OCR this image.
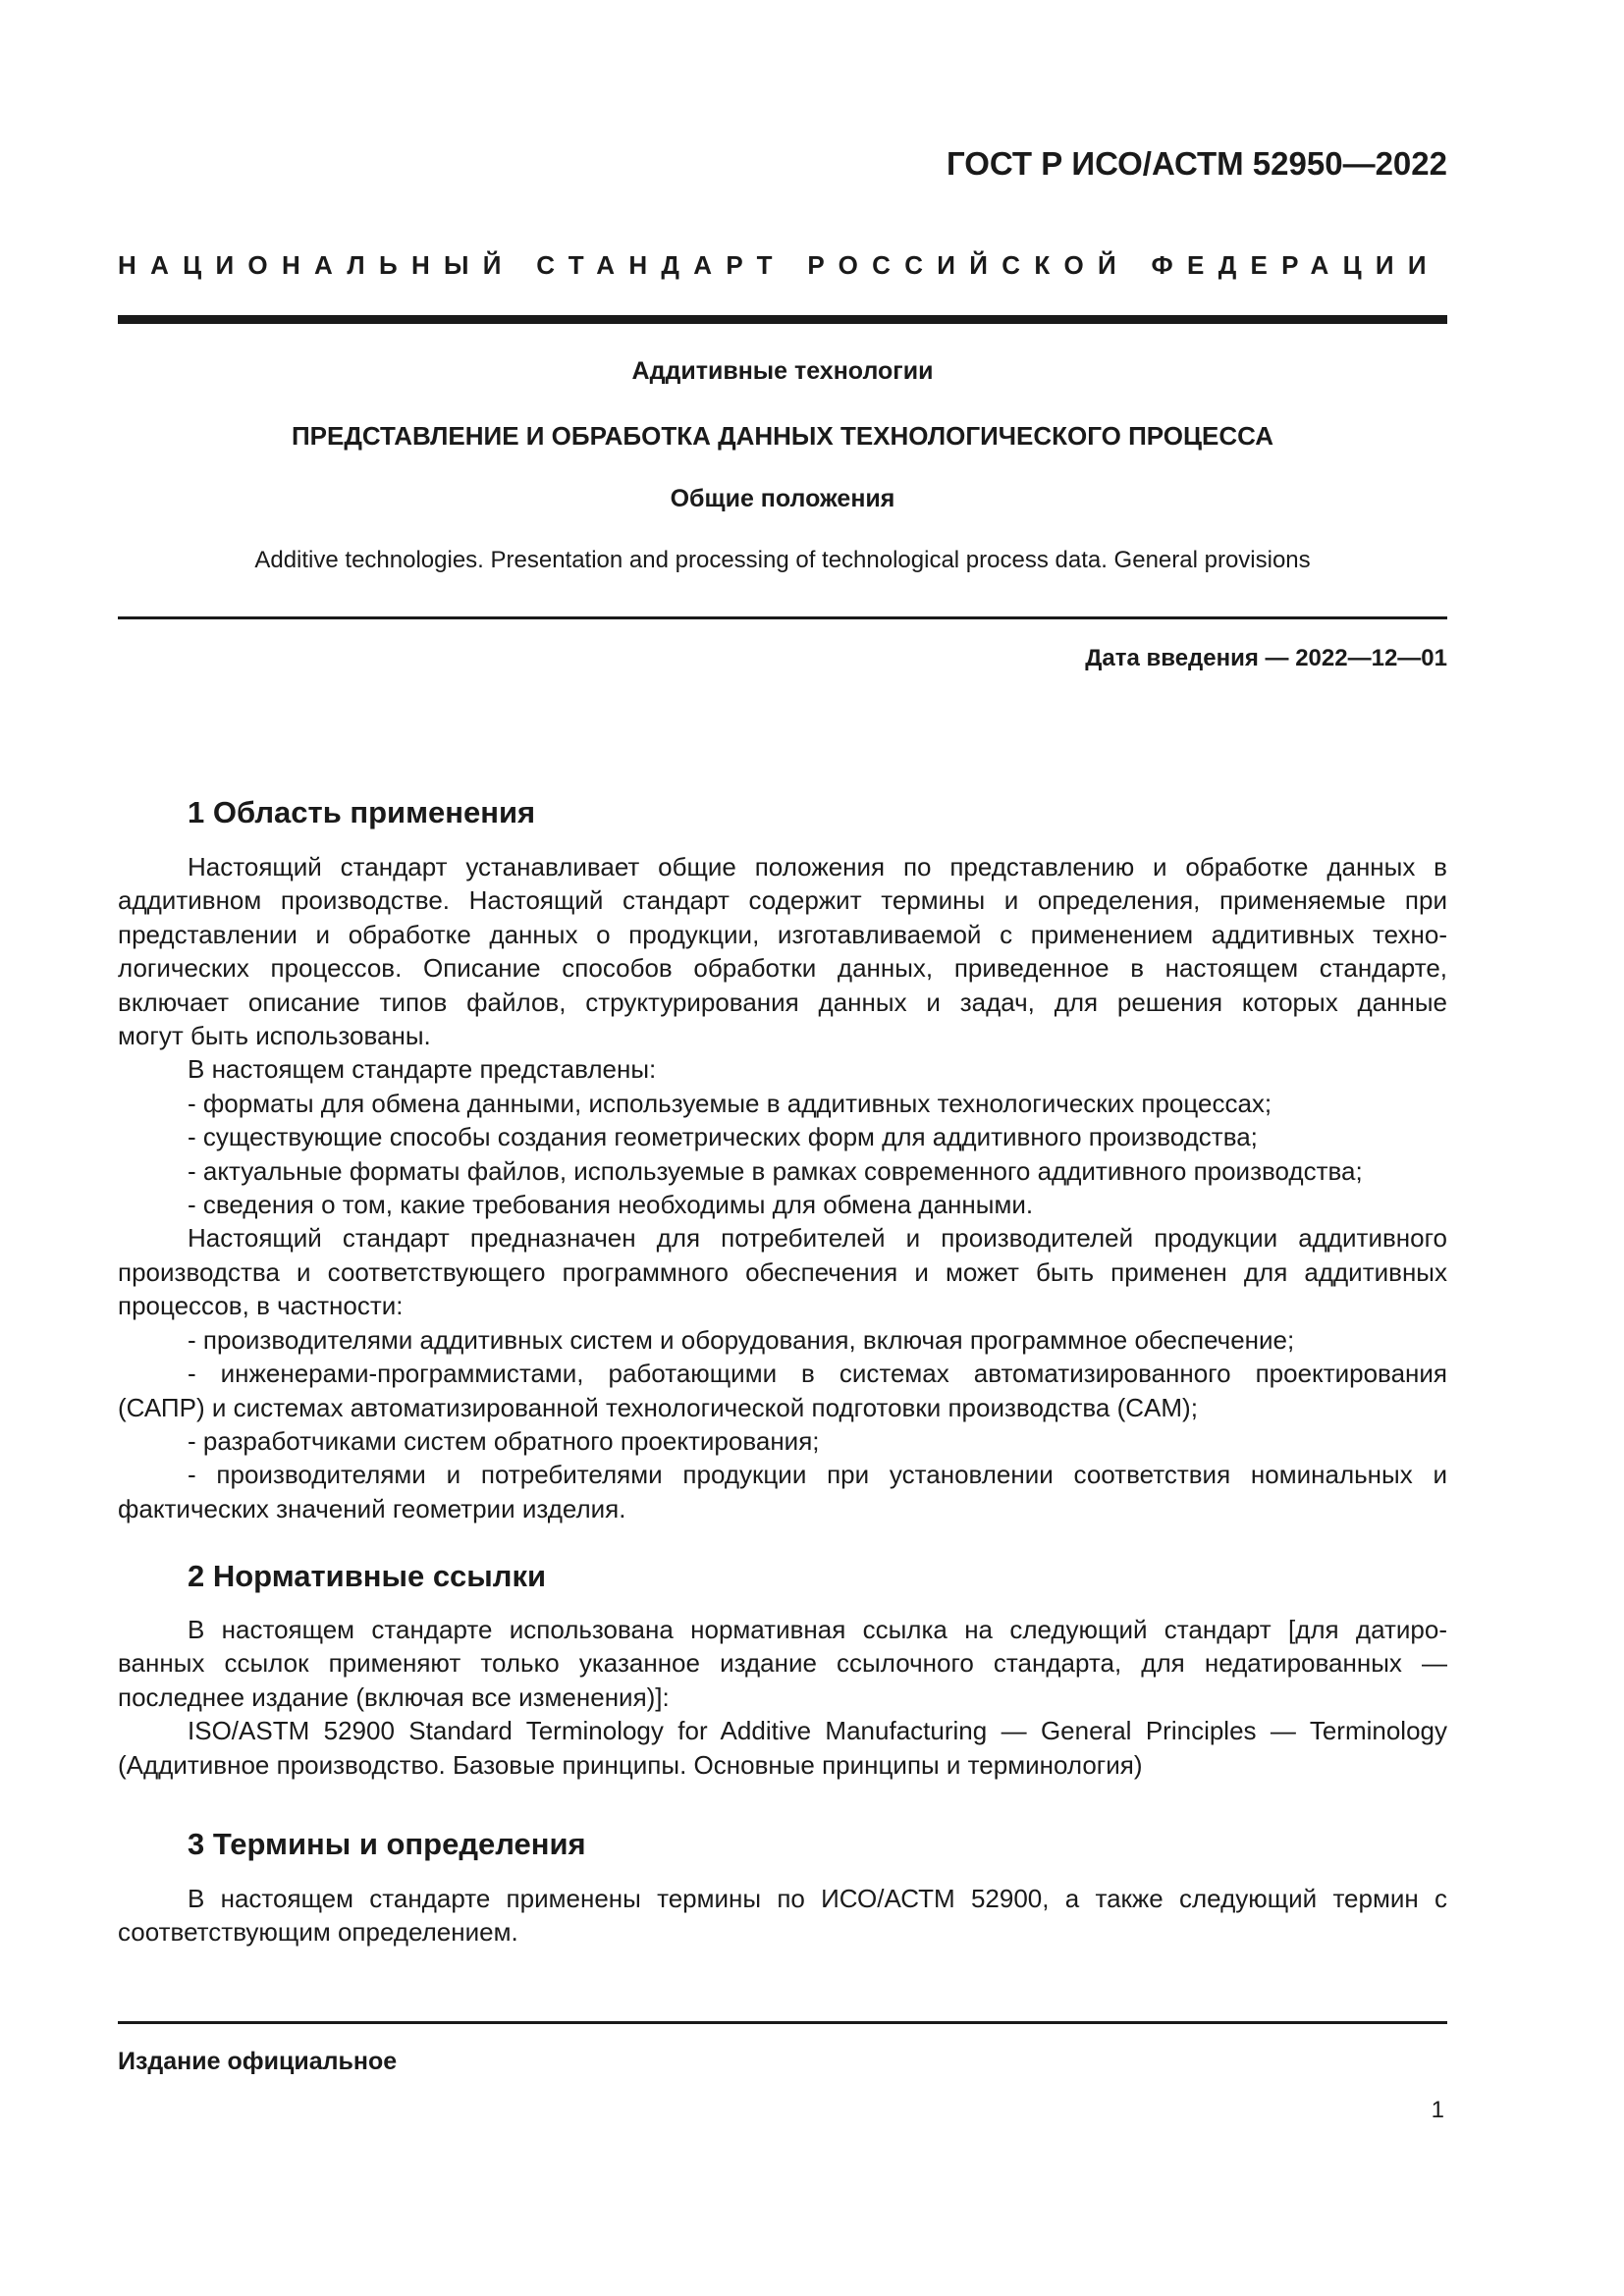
ГОСТ Р ИСО/АСТМ 52950—2022
НАЦИОНАЛЬНЫЙ СТАНДАРТ РОССИЙСКОЙ ФЕДЕРАЦИИ
Аддитивные технологии
ПРЕДСТАВЛЕНИЕ И ОБРАБОТКА ДАННЫХ ТЕХНОЛОГИЧЕСКОГО ПРОЦЕССА
Общие положения
Additive technologies. Presentation and processing of technological process data. General provisions
Дата введения — 2022—12—01
1 Область применения

Настоящий стандарт устанавливает общие положения по представлению и обработке данных в

аддитивном производстве. Настоящий стандарт содержит термины и определения, применяемые при

представлении и обработке данных о продукции, изготавливаемой с применением аддитивных техно-

логических процессов. Описание способов обработки данных, приведенное в настоящем стандарте,

включает описание типов файлов, структурирования данных и задач, для решения которых данные

могут быть использованы.

В настоящем стандарте представлены:

- форматы для обмена данными, используемые в аддитивных технологических процессах;

- существующие способы создания геометрических форм для аддитивного производства;

- актуальные форматы файлов, используемые в рамках современного аддитивного производства;

- сведения о том, какие требования необходимы для обмена данными.

Настоящий стандарт предназначен для потребителей и производителей продукции аддитивного

производства и соответствующего программного обеспечения и может быть применен для аддитивных

процессов, в частности:

- производителями аддитивных систем и оборудования, включая программное обеспечение;

- инженерами-программистами, работающими в системах автоматизированного проектирования

(САПР) и системах автоматизированной технологической подготовки производства (CAM);

- разработчиками систем обратного проектирования;

- производителями и потребителями продукции при установлении соответствия номинальных и

фактических значений геометрии изделия.

2 Нормативные ссылки

В настоящем стандарте использована нормативная ссылка на следующий стандарт [для датиро-

ванных ссылок применяют только указанное издание ссылочного стандарта, для недатированных —

последнее издание (включая все изменения)]:

ISO/ASTM 52900 Standard Terminology for Additive Manufacturing — General Principles — Terminology

(Аддитивное производство. Базовые принципы. Основные принципы и терминология)

3 Термины и определения

В настоящем стандарте применены термины по ИСО/АСТМ 52900, а также следующий термин с

соответствующим определением.

Издание официальное
1
